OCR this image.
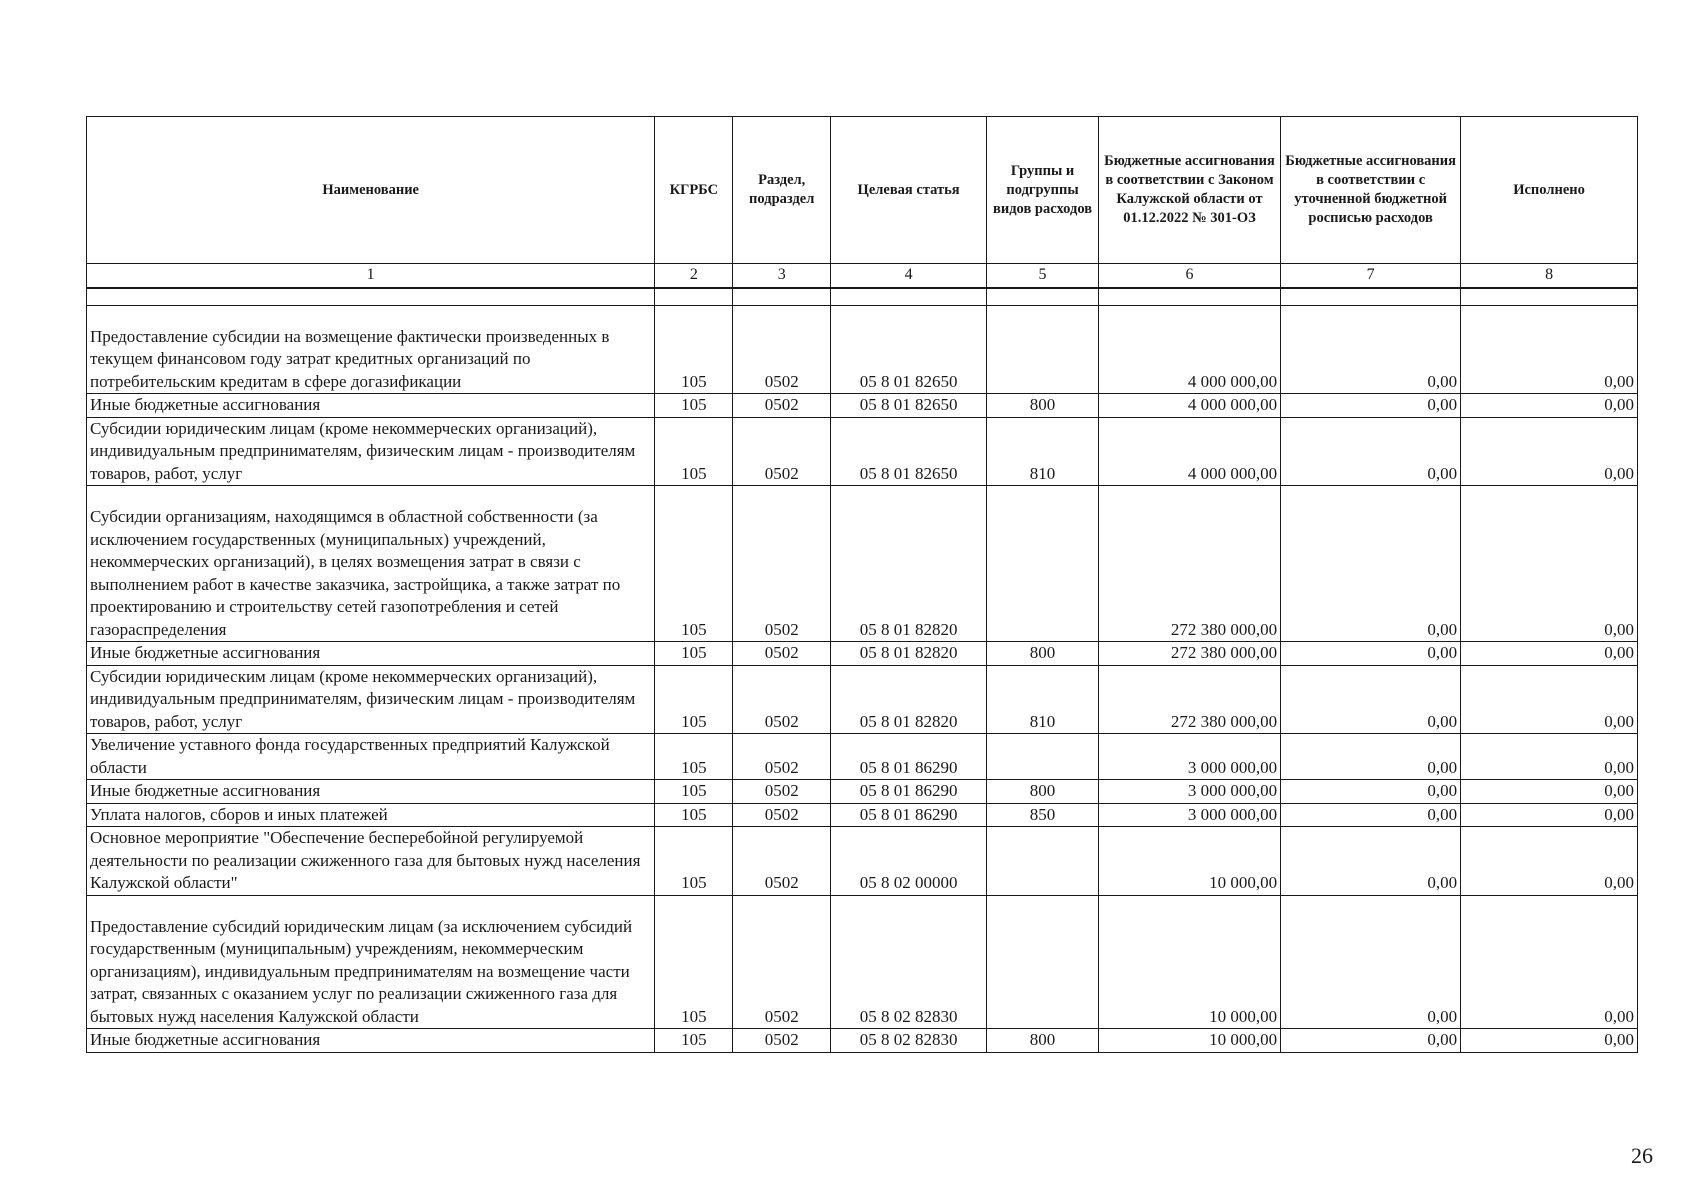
Наименование	КГРБС	Раздел, подраздел	Целевая статья	Группы и подгруппы видов расходов	Бюджетные ассигнования в соответствии с Законом Калужской области от 01.12.2022 № 301-ОЗ	Бюджетные ассигнования в соответствии с уточненной бюджетной росписью расходов	Исполнено
1	2	3	4	5	6	7	8

Предоставление субсидии на возмещение фактически произведенных в текущем финансовом году затрат кредитных организаций по потребительским кредитам в сфере догазификации	105	0502	05 8 01 82650		4 000 000,00	0,00	0,00
Иные бюджетные ассигнования	105	0502	05 8 01 82650	800	4 000 000,00	0,00	0,00
Субсидии юридическим лицам (кроме некоммерческих организаций), индивидуальным предпринимателям, физическим лицам - производителям товаров, работ, услуг	105	0502	05 8 01 82650	810	4 000 000,00	0,00	0,00
Субсидии организациям, находящимся в областной собственности (за исключением государственных (муниципальных) учреждений, некоммерческих организаций), в целях возмещения затрат в связи с выполнением работ в качестве заказчика, застройщика, а также затрат по проектированию и строительству сетей газопотребления и сетей газораспределения	105	0502	05 8 01 82820		272 380 000,00	0,00	0,00
Иные бюджетные ассигнования	105	0502	05 8 01 82820	800	272 380 000,00	0,00	0,00
Субсидии юридическим лицам (кроме некоммерческих организаций), индивидуальным предпринимателям, физическим лицам - производителям товаров, работ, услуг	105	0502	05 8 01 82820	810	272 380 000,00	0,00	0,00
Увеличение уставного фонда государственных предприятий Калужской области	105	0502	05 8 01 86290		3 000 000,00	0,00	0,00
Иные бюджетные ассигнования	105	0502	05 8 01 86290	800	3 000 000,00	0,00	0,00
Уплата налогов, сборов и иных платежей	105	0502	05 8 01 86290	850	3 000 000,00	0,00	0,00
Основное мероприятие "Обеспечение бесперебойной регулируемой деятельности по реализации сжиженного газа для бытовых нужд населения Калужской области"	105	0502	05 8 02 00000		10 000,00	0,00	0,00
Предоставление субсидий юридическим лицам (за исключением субсидий государственным (муниципальным) учреждениям, некоммерческим организациям), индивидуальным предпринимателям на возмещение части затрат, связанных с оказанием услуг по реализации сжиженного газа для бытовых нужд населения Калужской области	105	0502	05 8 02 82830		10 000,00	0,00	0,00
Иные бюджетные ассигнования	105	0502	05 8 02 82830	800	10 000,00	0,00	0,00
26
